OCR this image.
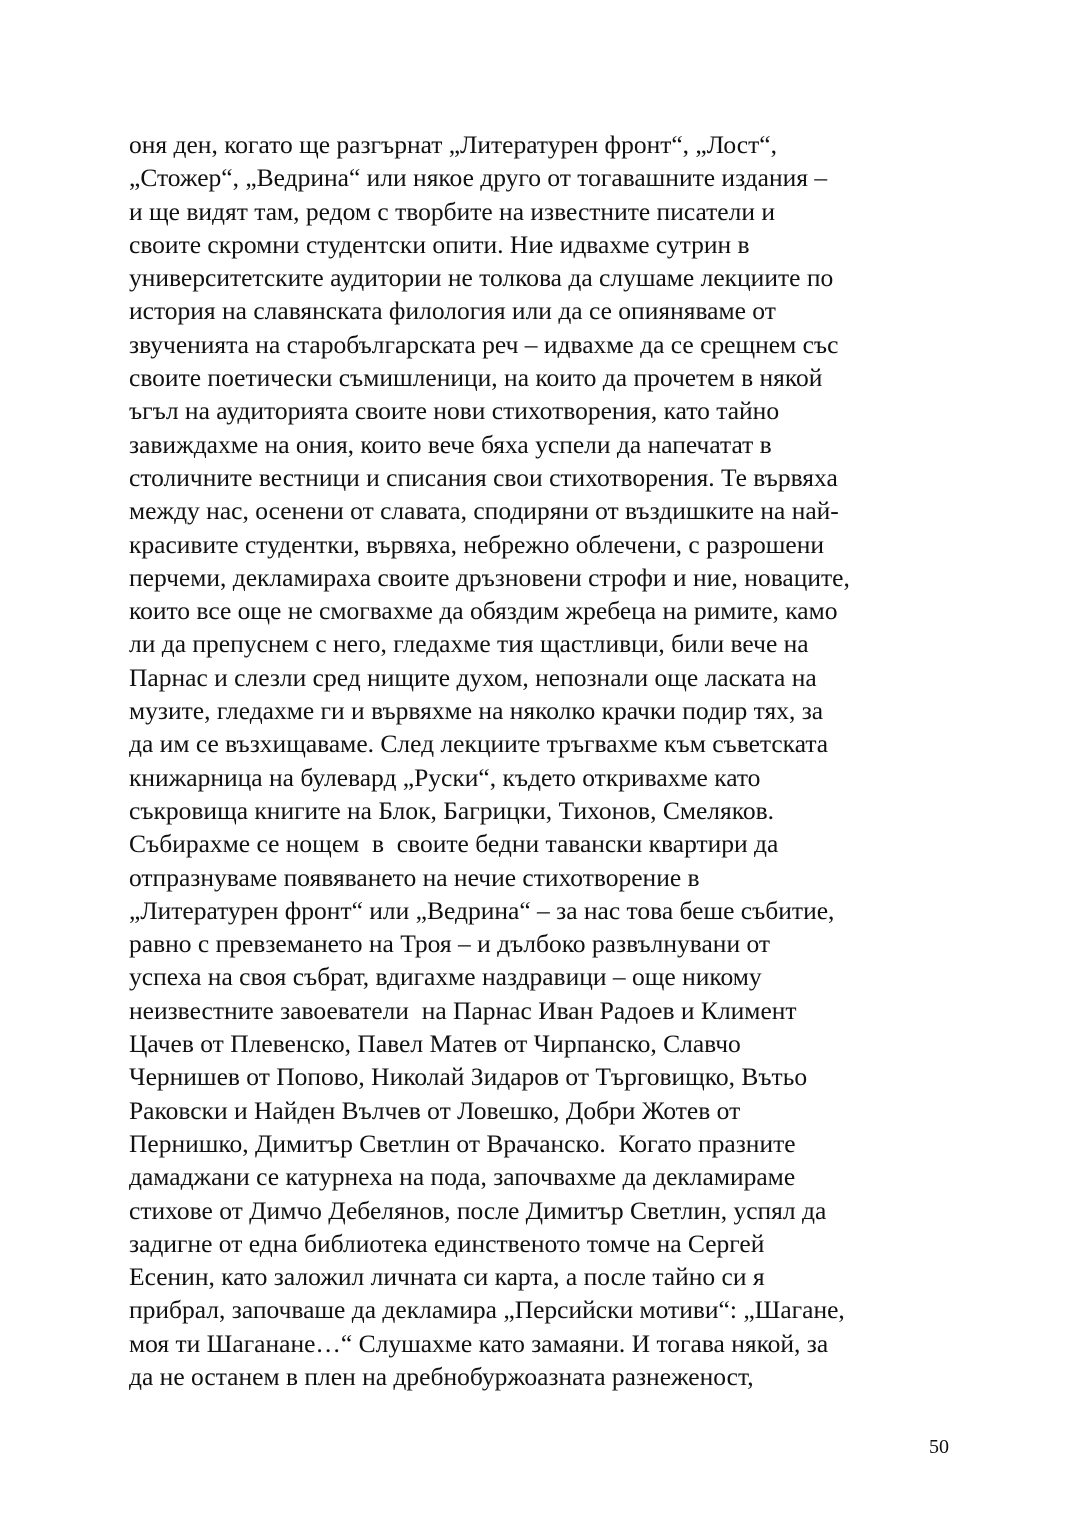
оня ден, когато ще разгърнат „Литературен фронт“, „Лост“,
„Стожер“, „Ведрина“ или някое друго от тогавашните издания –
и ще видят там, редом с творбите на известните писатели и
своите скромни студентски опити. Ние идвахме сутрин в
университетските аудитории не толкова да слушаме лекциите по
история на славянската филология или да се опияняваме от
звученията на старобългарската реч – идвахме да се срещнем със
своите поетически съмишленици, на които да прочетем в някой
ъгъл на аудиторията своите нови стихотворения, като тайно
завиждахме на ония, които вече бяха успели да напечатат в
столичните вестници и списания свои стихотворения. Те вървяха
между нас, осенени от славата, сподиряни от въздишките на най-
красивите студентки, вървяха, небрежно облечени, с разрошени
перчеми, декламираха своите дръзновени строфи и ние, новаците,
които все още не смогвахме да обяздим жребеца на римите, камо
ли да препуснем с него, гледахме тия щастливци, били вече на
Парнас и слезли сред нищите духом, непознали още ласката на
музите, гледахме ги и вървяхме на няколко крачки подир тях, за
да им се възхищаваме. След лекциите тръгвахме към съветската
книжарница на булевард „Руски“, където откривахме като
съкровища книгите на Блок, Багрицки, Тихонов, Смеляков.
Събирахме се нощем  в  своите бедни тавански квартири да
отпразнуваме появяването на нечие стихотворение в
„Литературен фронт“ или „Ведрина“ – за нас това беше събитие,
равно с превземането на Троя – и дълбоко развълнувани от
успеха на своя събрат, вдигахме наздравици – още никому
неизвестните завоеватели  на Парнас Иван Радоев и Климент
Цачев от Плевенско, Павел Матев от Чирпанско, Славчо
Чернишев от Попово, Николай Зидаров от Търговищко, Вътьо
Раковски и Найден Вълчев от Ловешко, Добри Жотев от
Пернишко, Димитър Светлин от Врачанско.  Когато празните
дамаджани се катурнеха на пода, започвахме да декламираме
стихове от Димчо Дебелянов, после Димитър Светлин, успял да
задигне от една библиотека единственото томче на Сергей
Есенин, като заложил личната си карта, а после тайно си я
прибрал, започваше да декламира „Персийски мотиви“: „Шагане,
моя ти Шаганане…“ Слушахме като замаяни. И тогава някой, за
да не останем в плен на дребнобуржоазната разнеженост,
50
